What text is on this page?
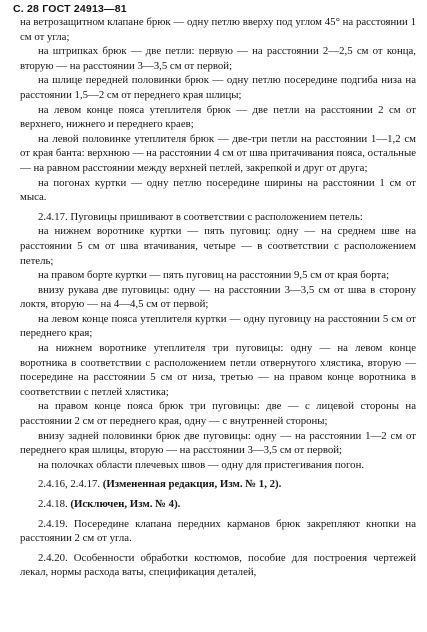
С. 28 ГОСТ 24913—81

на ветрозащитном клапане брюк — одну петлю вверху под углом 45° на расстоянии 1 см от угла;

на штрипках брюк — две петли: первую — на расстоянии 2—2,5 см от конца, вторую — на расстоянии 3—3,5 см от первой;

на шлице передней половинки брюк — одну петлю посередине подгиба низа на расстоянии 1,5—2 см от переднего края шлицы;

на левом конце пояса утеплителя брюк — две петли на расстоянии 2 см от верхнего, нижнего и переднего краев;

на левой половинке утеплителя брюк — две-три петли на расстоянии 1—1,2 см от края банта: верхнюю — на расстоянии 4 см от шва притачивания пояса, остальные — на равном расстоянии между верхней петлей, закрепкой и друг от друга;

на погонах куртки — одну петлю посередине ширины на расстоянии 1 см от мыса.

2.4.17. Пуговицы пришивают в соответствии с расположением петель:

на нижнем воротнике куртки — пять пуговиц: одну — на среднем шве на расстоянии 5 см от шва втачивания, четыре — в соответствии с расположением петель;

на правом борте куртки — пять пуговиц на расстоянии 9,5 см от края борта;

внизу рукава две пуговицы: одну — на расстоянии 3—3,5 см от шва в сторону локтя, вторую — на 4—4,5 см от первой;

на левом конце пояса утеплителя куртки — одну пуговицу на расстоянии 5 см от переднего края;

на нижнем воротнике утеплителя три пуговицы: одну — на левом конце воротника в соответствии с расположением петли отвернутого хлястика, вторую — посередине на расстоянии 5 см от низа, третью — на правом конце воротника в соответствии с петлей хлястика;

на правом конце пояса брюк три пуговицы: две — с лицевой стороны на расстоянии 2 см от переднего края, одну — с внутренней стороны;

внизу задней половинки брюк две пуговицы: одну — на расстоянии 1—2 см от переднего края шлицы, вторую — на расстоянии 3—3,5 см от первой;

на полочках области плечевых швов — одну для пристегивания погон.

2.4.16, 2.4.17. (Измененная редакция, Изм. № 1, 2).

2.4.18. (Исключен, Изм. № 4).

2.4.19. Посередине клапана передних карманов брюк закрепляют кнопки на расстоянии 2 см от угла.

2.4.20. Особенности обработки костюмов, пособие для построения чертежей лекал, нормы расхода ваты, спецификация деталей,
